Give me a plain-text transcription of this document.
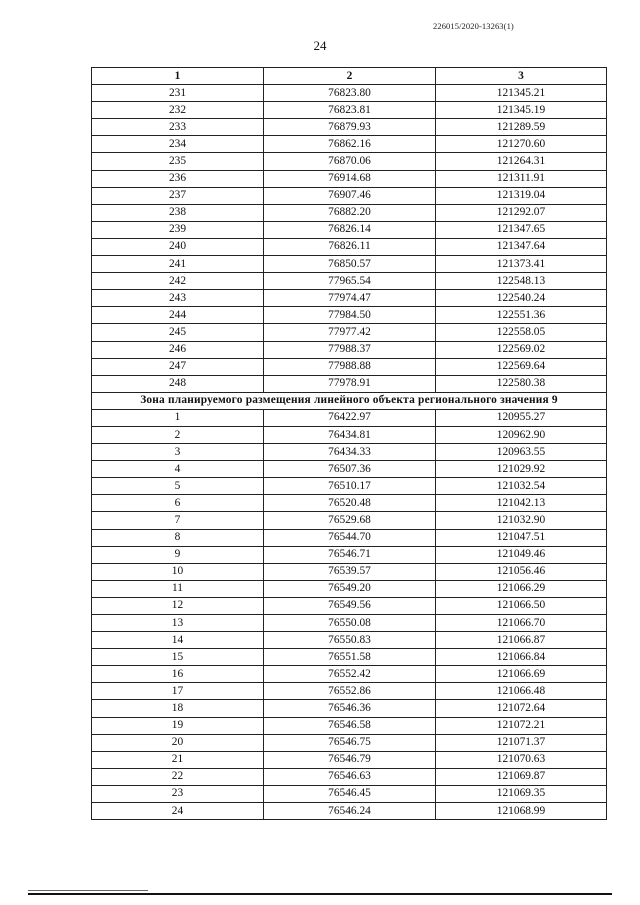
226015/2020-13263(1)
24
1	2	3
231	76823.80	121345.21
232	76823.81	121345.19
233	76879.93	121289.59
234	76862.16	121270.60
235	76870.06	121264.31
236	76914.68	121311.91
237	76907.46	121319.04
238	76882.20	121292.07
239	76826.14	121347.65
240	76826.11	121347.64
241	76850.57	121373.41
242	77965.54	122548.13
243	77974.47	122540.24
244	77984.50	122551.36
245	77977.42	122558.05
246	77988.37	122569.02
247	77988.88	122569.64
248	77978.91	122580.38
Зона планируемого размещения линейного объекта регионального значения 9		
1	76422.97	120955.27
2	76434.81	120962.90
3	76434.33	120963.55
4	76507.36	121029.92
5	76510.17	121032.54
6	76520.48	121042.13
7	76529.68	121032.90
8	76544.70	121047.51
9	76546.71	121049.46
10	76539.57	121056.46
11	76549.20	121066.29
12	76549.56	121066.50
13	76550.08	121066.70
14	76550.83	121066.87
15	76551.58	121066.84
16	76552.42	121066.69
17	76552.86	121066.48
18	76546.36	121072.64
19	76546.58	121072.21
20	76546.75	121071.37
21	76546.79	121070.63
22	76546.63	121069.87
23	76546.45	121069.35
24	76546.24	121068.99
